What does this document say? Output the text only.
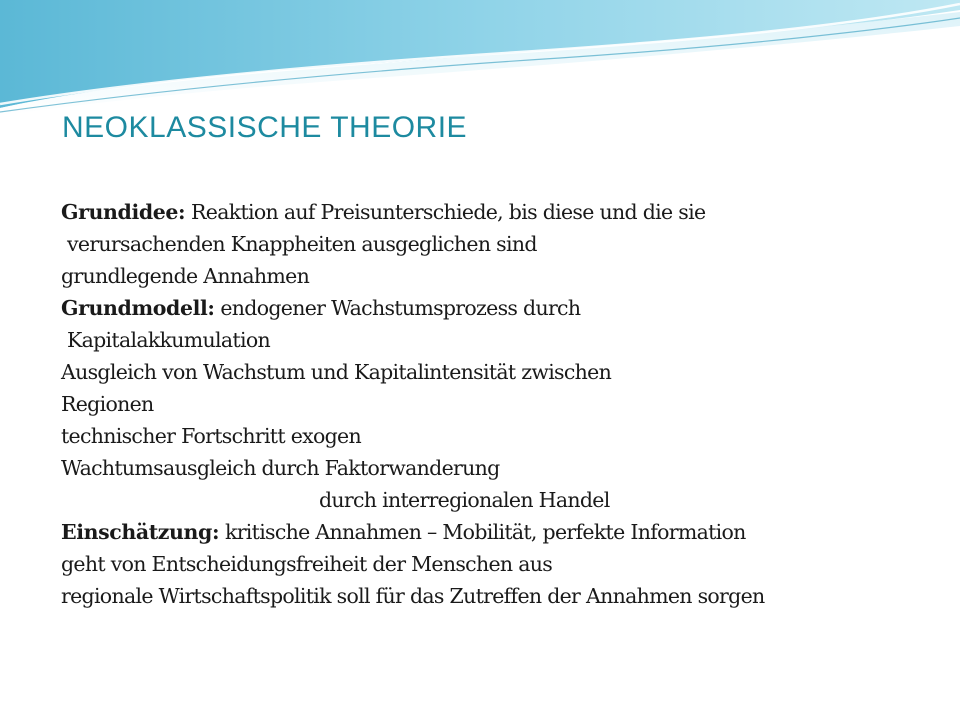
NEOKLASSISCHE THEORIE
Grundidee: Reaktion auf Preisunterschiede, bis diese und die sie
verursachenden Knappheiten ausgeglichen sind
grundlegende Annahmen
Grundmodell: endogener Wachstumsprozess durch
Kapitalakkumulation
Ausgleich von Wachstum und Kapitalintensität zwischen
Regionen
technischer Fortschritt exogen
Wachtumsausgleich durch Faktorwanderung
durch interregionalen Handel
Einschätzung: kritische Annahmen – Mobilität, perfekte Information
geht von Entscheidungsfreiheit der Menschen aus
regionale Wirtschaftspolitik soll für das Zutreffen der Annahmen sorgen
